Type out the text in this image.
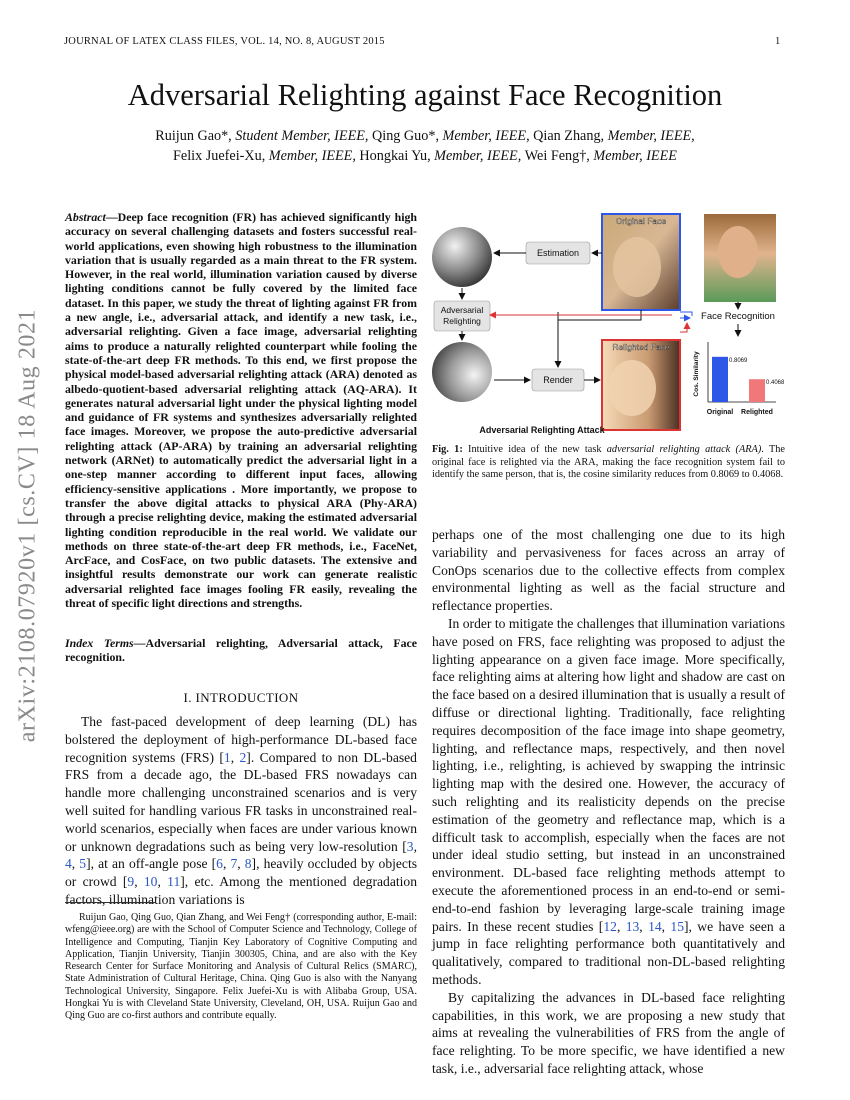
JOURNAL OF LATEX CLASS FILES, VOL. 14, NO. 8, AUGUST 2015	1
arXiv:2108.07920v1 [cs.CV] 18 Aug 2021
Adversarial Relighting against Face Recognition
Ruijun Gao*, Student Member, IEEE, Qing Guo*, Member, IEEE, Qian Zhang, Member, IEEE,
Felix Juefei-Xu, Member, IEEE, Hongkai Yu, Member, IEEE, Wei Feng†, Member, IEEE
Abstract—Deep face recognition (FR) has achieved significantly high accuracy on several challenging datasets and fosters successful real-world applications, even showing high robustness to the illumination variation that is usually regarded as a main threat to the FR system. However, in the real world, illumination variation caused by diverse lighting conditions cannot be fully covered by the limited face dataset. In this paper, we study the threat of lighting against FR from a new angle, i.e., adversarial attack, and identify a new task, i.e., adversarial relighting. Given a face image, adversarial relighting aims to produce a naturally relighted counterpart while fooling the state-of-the-art deep FR methods. To this end, we first propose the physical model-based adversarial relighting attack (ARA) denoted as albedo-quotient-based adversarial relighting attack (AQ-ARA). It generates natural adversarial light under the physical lighting model and guidance of FR systems and synthesizes adversarially relighted face images. Moreover, we propose the auto-predictive adversarial relighting attack (AP-ARA) by training an adversarial relighting network (ARNet) to automatically predict the adversarial light in a one-step manner according to different input faces, allowing efficiency-sensitive applications . More importantly, we propose to transfer the above digital attacks to physical ARA (Phy-ARA) through a precise relighting device, making the estimated adversarial lighting condition reproducible in the real world. We validate our methods on three state-of-the-art deep FR methods, i.e., FaceNet, ArcFace, and CosFace, on two public datasets. The extensive and insightful results demonstrate our work can generate realistic adversarial relighted face images fooling FR easily, revealing the threat of specific light directions and strengths.
Index Terms—Adversarial relighting, Adversarial attack, Face recognition.
I. INTRODUCTION

The fast-paced development of deep learning (DL) has bolstered the deployment of high-performance DL-based face recognition systems (FRS) [1, 2]. Compared to non DL-based FRS from a decade ago, the DL-based FRS nowadays can handle more challenging unconstrained scenarios and is very well suited for handling various FR tasks in unconstrained real-world scenarios, especially when faces are under various known or unknown degradations such as being very low-resolution [3, 4, 5], at an off-angle pose [6, 7, 8], heavily occluded by objects or crowd [9, 10, 11], etc. Among the mentioned degradation factors, illumination variations is

Ruijun Gao, Qing Guo, Qian Zhang, and Wei Feng† (corresponding author, E-mail: wfeng@ieee.org) are with the School of Computer Science and Technology, College of Intelligence and Computing, Tianjin Key Laboratory of Cognitive Computing and Application, Tianjin University, Tianjin 300305, China, and are also with the Key Research Center for Surface Monitoring and Analysis of Cultural Relics (SMARC), State Administration of Cultural Heritage, China. Qing Guo is also with the Nanyang Technological University, Singapore. Felix Juefei-Xu is with Alibaba Group, USA. Hongkai Yu is with Cleveland State University, Cleveland, OH, USA. Ruijun Gao and Qing Guo are co-first authors and contribute equally.
Original Face
Relighted Face
Estimation
Adversarial
Relighting
Render
Face Recognition
Cos. Similarity	0.8069
0.4068
Original Relighted
Adversarial Relighting Attack
Fig. 1: Intuitive idea of the new task adversarial relighting attack (ARA). The original face is relighted via the ARA, making the face recognition system fail to identify the same person, that is, the cosine similarity reduces from 0.8069 to 0.4068.

perhaps one of the most challenging one due to its high variability and pervasiveness for faces across an array of ConOps scenarios due to the collective effects from complex environmental lighting as well as the facial structure and reflectance properties.

In order to mitigate the challenges that illumination variations have posed on FRS, face relighting was proposed to adjust the lighting appearance on a given face image. More specifically, face relighting aims at altering how light and shadow are cast on the face based on a desired illumination that is usually a result of diffuse or directional lighting. Traditionally, face relighting requires decomposition of the face image into shape geometry, lighting, and reflectance maps, respectively, and then novel lighting, i.e., relighting, is achieved by swapping the intrinsic lighting map with the desired one. However, the accuracy of such relighting and its realisticity depends on the precise estimation of the geometry and reflectance map, which is a difficult task to accomplish, especially when the faces are not under ideal studio setting, but instead in an unconstrained environment. DL-based face relighting methods attempt to execute the aforementioned process in an end-to-end or semi-end-to-end fashion by leveraging large-scale training image pairs. In these recent studies [12, 13, 14, 15], we have seen a jump in face relighting performance both quantitatively and qualitatively, compared to traditional non-DL-based relighting methods.

By capitalizing the advances in DL-based face relighting capabilities, in this work, we are proposing a new study that aims at revealing the vulnerabilities of FRS from the angle of face relighting. To be more specific, we have identified a new task, i.e., adversarial face relighting attack, whose
